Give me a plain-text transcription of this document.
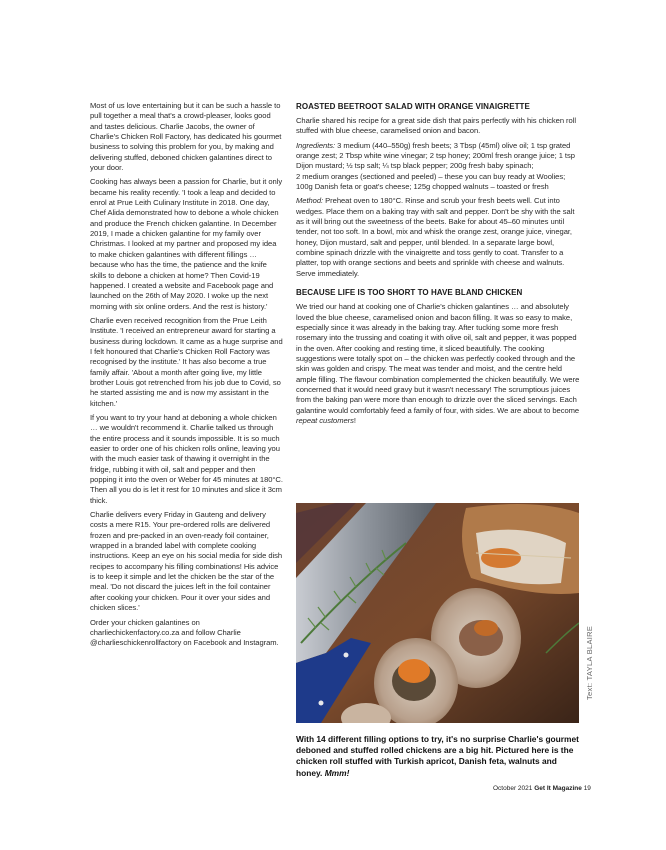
Most of us love entertaining but it can be such a hassle to pull together a meal that's a crowd-pleaser, looks good and tastes delicious. Charlie Jacobs, the owner of Charlie's Chicken Roll Factory, has dedicated his gourmet business to solving this problem for you, by making and delivering stuffed, deboned chicken galantines direct to your door.

Cooking has always been a passion for Charlie, but it only became his reality recently. 'I took a leap and decided to enrol at Prue Leith Culinary Institute in 2018. One day, Chef Alida demonstrated how to debone a whole chicken and produce the French chicken galantine. In December 2019, I made a chicken galantine for my family over Christmas. I looked at my partner and proposed my idea to make chicken galantines with different fillings … because who has the time, the patience and the knife skills to debone a chicken at home? Then Covid-19 happened. I created a website and Facebook page and launched on the 26th of May 2020. I woke up the next morning with six online orders. And the rest is history.'

Charlie even received recognition from the Prue Leith Institute. 'I received an entrepreneur award for starting a business during lockdown. It came as a huge surprise and I felt honoured that Charlie's Chicken Roll Factory was recognised by the institute.' It has also become a true family affair. 'About a month after going live, my little brother Louis got retrenched from his job due to Covid, so he started assisting me and is now my assistant in the kitchen.'

If you want to try your hand at deboning a whole chicken … we wouldn't recommend it. Charlie talked us through the entire process and it sounds impossible. It is so much easier to order one of his chicken rolls online, leaving you with the much easier task of thawing it overnight in the fridge, rubbing it with oil, salt and pepper and then popping it into the oven or Weber for 45 minutes at 180°C. Then all you do is let it rest for 10 minutes and slice it 3cm thick.

Charlie delivers every Friday in Gauteng and delivery costs a mere R15. Your pre-ordered rolls are delivered frozen and pre-packed in an oven-ready foil container, wrapped in a branded label with complete cooking instructions. Keep an eye on his social media for side dish recipes to accompany his filling combinations! His advice is to keep it simple and let the chicken be the star of the meal. 'Do not discard the juices left in the foil container after cooking your chicken. Pour it over your sides and chicken slices.'

Order your chicken galantines on charliechickenfactory.co.za and follow Charlie @charlieschickenrollfactory on Facebook and Instagram.

ROASTED BEETROOT SALAD WITH ORANGE VINAIGRETTE

Charlie shared his recipe for a great side dish that pairs perfectly with his chicken roll stuffed with blue cheese, caramelised onion and bacon.

Ingredients: 3 medium (440–550g) fresh beets; 3 Tbsp (45ml) olive oil; 1 tsp grated orange zest; 2 Tbsp white wine vinegar; 2 tsp honey; 200ml fresh orange juice; 1 tsp Dijon mustard; ½ tsp salt; ¼ tsp black pepper; 200g fresh baby spinach;

2 medium oranges (sectioned and peeled) – these you can buy ready at Woolies; 100g Danish feta or goat's cheese; 125g chopped walnuts – toasted or fresh

Method: Preheat oven to 180°C. Rinse and scrub your fresh beets well. Cut into wedges. Place them on a baking tray with salt and pepper. Don't be shy with the salt as it will bring out the sweetness of the beets. Bake for about 45–60 minutes until tender, not too soft. In a bowl, mix and whisk the orange zest, orange juice, vinegar, honey, Dijon mustard, salt and pepper, until blended. In a separate large bowl, combine spinach drizzle with the vinaigrette and toss gently to coat. Transfer to a platter, top with orange sections and beets and sprinkle with cheese and walnuts. Serve immediately.

BECAUSE LIFE IS TOO SHORT TO HAVE BLAND CHICKEN

We tried our hand at cooking one of Charlie's chicken galantines … and absolutely loved the blue cheese, caramelised onion and bacon filling. It was so easy to make, especially since it was already in the baking tray. After tucking some more fresh rosemary into the trussing and coating it with olive oil, salt and pepper, it was popped in the oven. After cooking and resting time, it sliced beautifully. The cooking suggestions were totally spot on – the chicken was perfectly cooked through and the skin was golden and crispy. The meat was tender and moist, and the centre held ample filling. The flavour combination complemented the chicken beautifully. We were concerned that it would need gravy but it wasn't necessary! The scrumptious juices from the baking pan were more than enough to drizzle over the sliced servings. Each galantine would comfortably feed a family of four, with sides. We are about to become repeat customers!

With 14 different filling options to try, it's no surprise Charlie's gourmet deboned and stuffed rolled chickens are a big hit. Pictured here is the chicken roll stuffed with Turkish apricot, Danish feta, walnuts and honey. Mmm!
Text: TAYLA BLAIRE
October 2021 Get It Magazine 19
